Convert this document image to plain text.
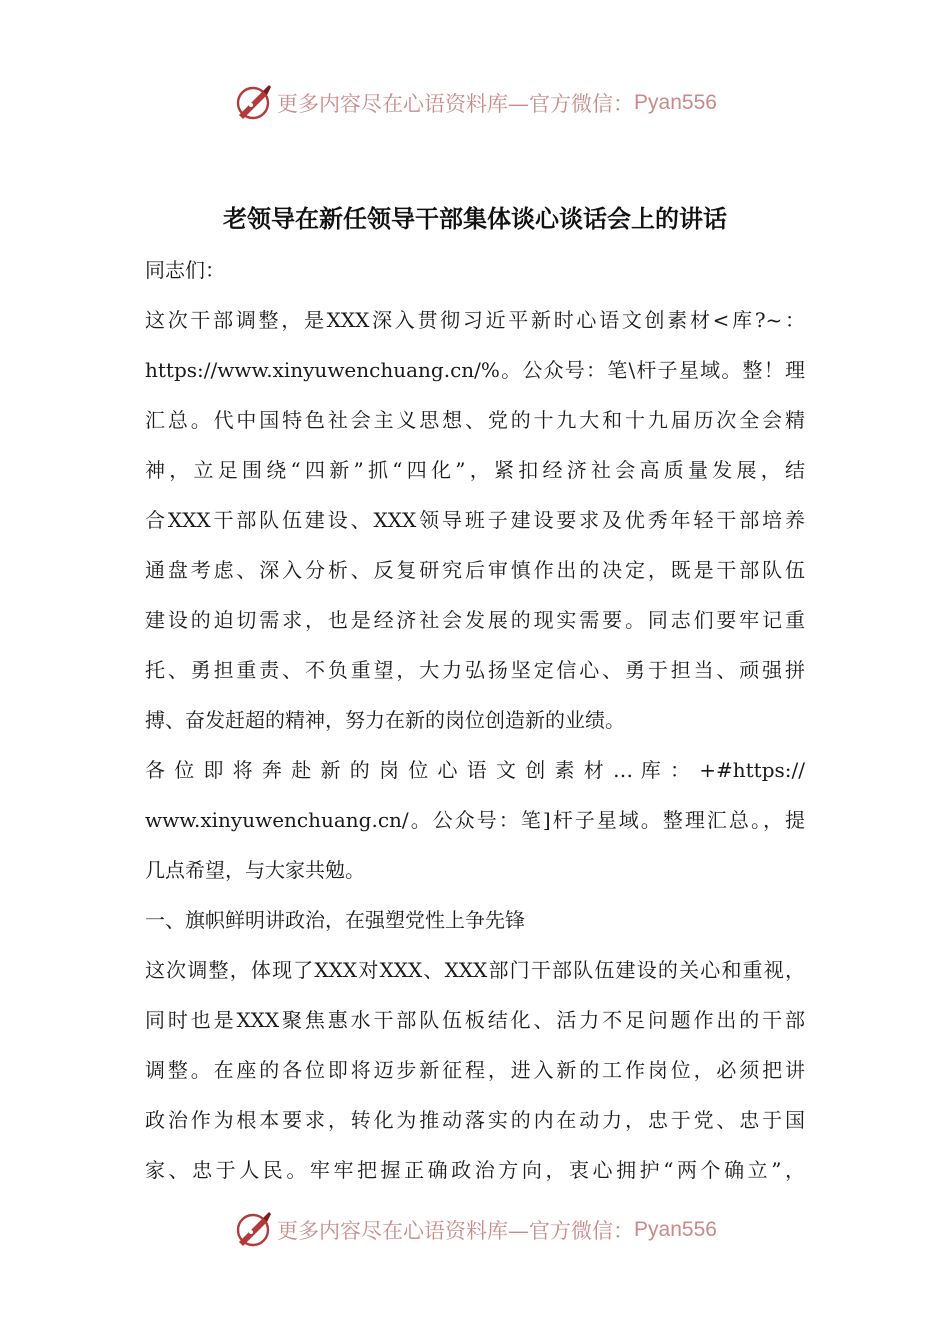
更多内容尽在心语资料库—官方微信： Pyan556
老领导在新任领导干部集体谈心谈话会上的讲话
同志们：
这次干部调整，是XXX深入贯彻习近平新时心语文创素材<库?~：
https://www.xinyuwenchuang.cn/%。公众号：笔\杆子星域。整！理
汇总。代中国特色社会主义思想、党的十九大和十九届历次全会精
神，立足围绕“四新”抓“四化”，紧扣经济社会高质量发展，结
合XXX干部队伍建设、XXX领导班子建设要求及优秀年轻干部培养
通盘考虑、深入分析、反复研究后审慎作出的决定，既是干部队伍
建设的迫切需求，也是经济社会发展的现实需要。同志们要牢记重
托、勇担重责、不负重望，大力弘扬坚定信心、勇于担当、顽强拼
搏、奋发赶超的精神，努力在新的岗位创造新的业绩。
各 位 即 将 奔 赴 新 的 岗 位 心 语 文 创 素 材 … 库 ： +#https://
www.xinyuwenchuang.cn/。公众号：笔]杆子星域。整理汇总。，提
几点希望，与大家共勉。
一、旗帜鲜明讲政治，在强塑党性上争先锋
这次调整，体现了XXX对XXX、XXX部门干部队伍建设的关心和重视，
同时也是XXX聚焦惠水干部队伍板结化、活力不足问题作出的干部
调整。在座的各位即将迈步新征程，进入新的工作岗位，必须把讲
政治作为根本要求，转化为推动落实的内在动力，忠于党、忠于国
家、忠于人民。牢牢把握正确政治方向，衷心拥护“两个确立”，
更多内容尽在心语资料库—官方微信： Pyan556
